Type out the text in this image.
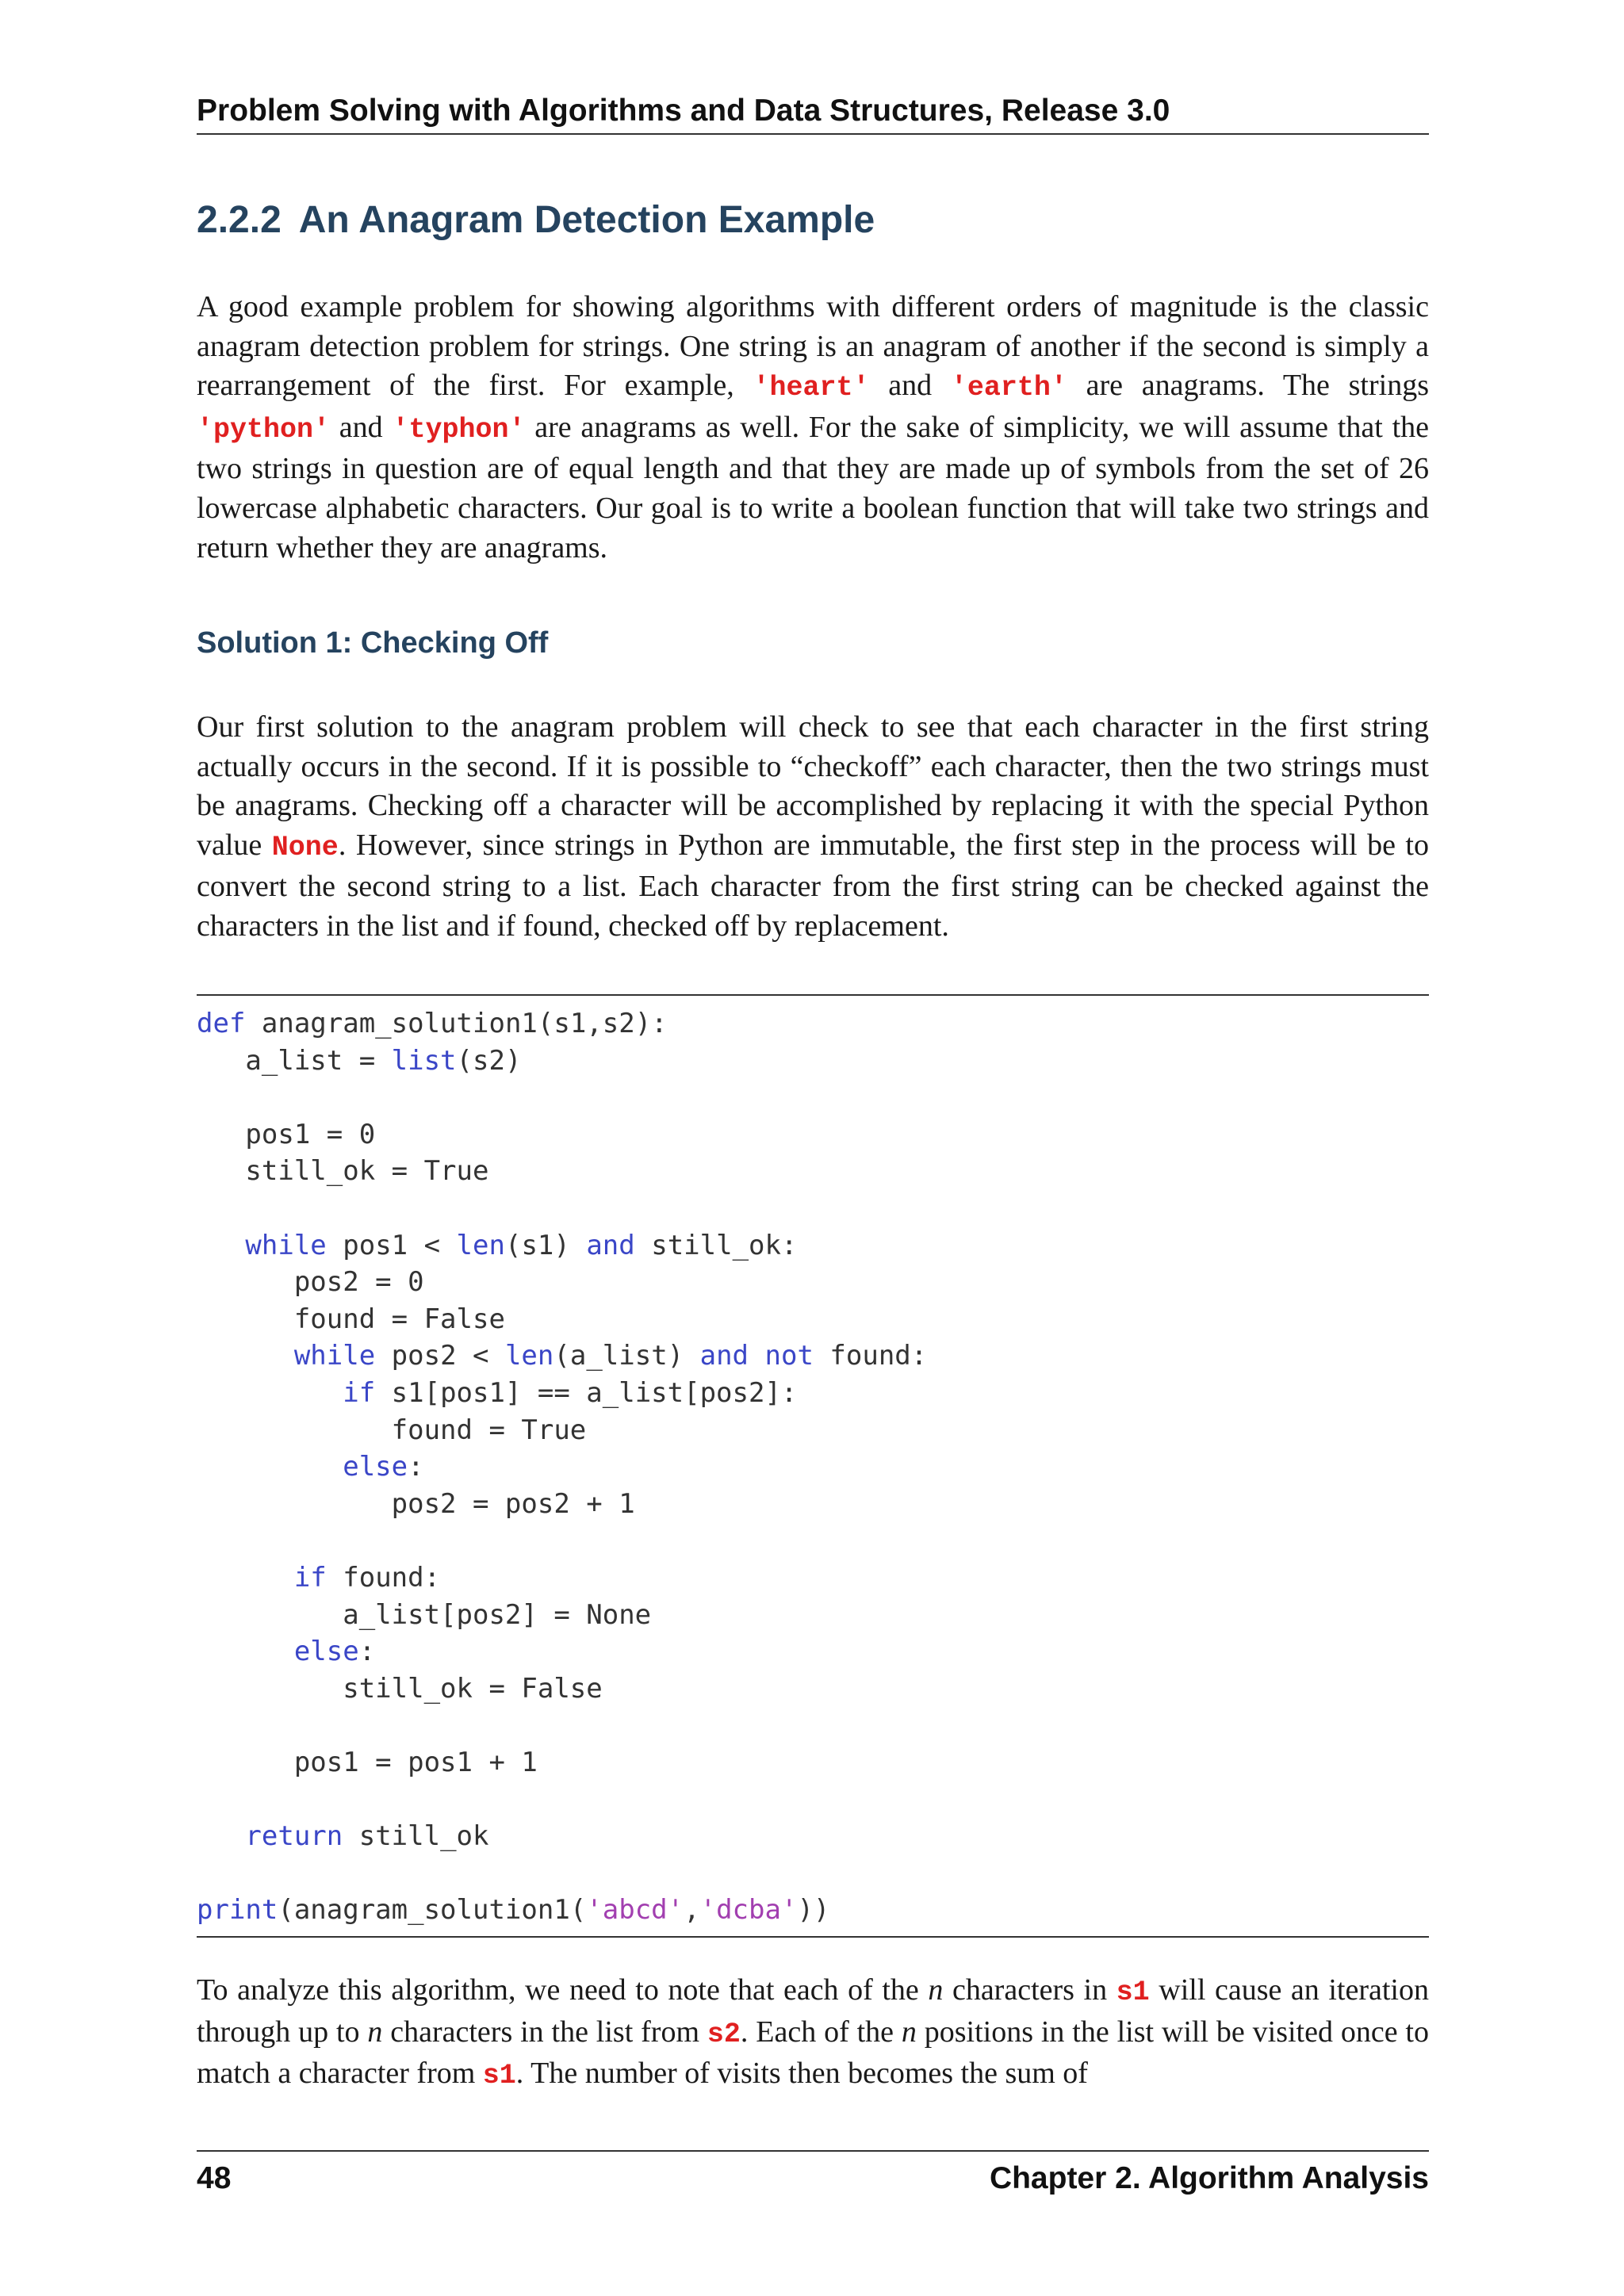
Problem Solving with Algorithms and Data Structures, Release 3.0
2.2.2 An Anagram Detection Example

A good example problem for showing algorithms with different orders of magnitude is the classic anagram detection problem for strings. One string is an anagram of another if the second is simply a rearrangement of the first. For example, 'heart' and 'earth' are anagrams. The strings 'python' and 'typhon' are anagrams as well. For the sake of simplicity, we will assume that the two strings in question are of equal length and that they are made up of symbols from the set of 26 lowercase alphabetic characters. Our goal is to write a boolean function that will take two strings and return whether they are anagrams.

Solution 1: Checking Off

Our first solution to the anagram problem will check to see that each character in the first string actually occurs in the second. If it is possible to “checkoff” each character, then the two strings must be anagrams. Checking off a character will be accomplished by replacing it with the special Python value None. However, since strings in Python are immutable, the first step in the process will be to convert the second string to a list. Each character from the first string can be checked against the characters in the list and if found, checked off by replacement.

def anagram_solution1(s1,s2):
a_list = list(s2)
pos1 = 0
still_ok = True
while pos1 < len(s1) and still_ok:
pos2 = 0
found = False
while pos2 < len(a_list) and not found:
if s1[pos1] == a_list[pos2]:
found = True
else:
pos2 = pos2 + 1
if found:
a_list[pos2] = None
else:
still_ok = False
pos1 = pos1 + 1
return still_ok
print(anagram_solution1('abcd','dcba'))

To analyze this algorithm, we need to note that each of the n characters in s1 will cause an iteration through up to n characters in the list from s2. Each of the n positions in the list will be visited once to match a character from s1. The number of visits then becomes the sum of

48	Chapter 2. Algorithm Analysis
